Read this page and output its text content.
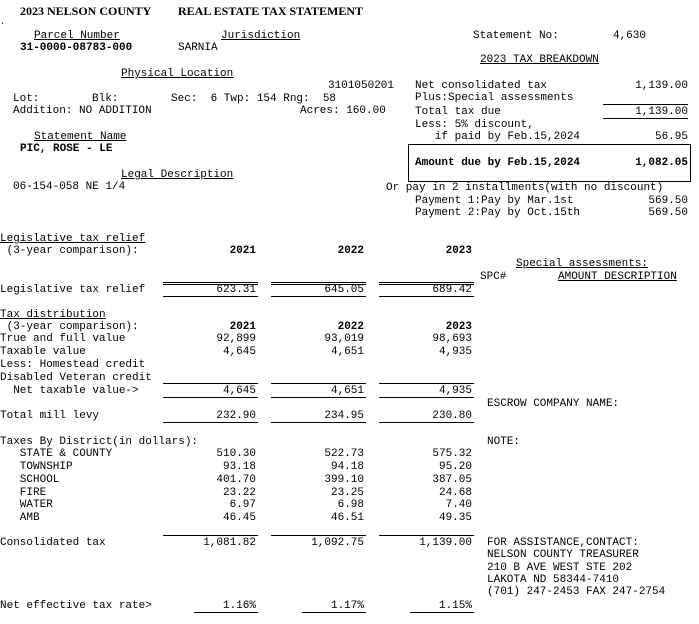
2023 NELSON COUNTY REAL ESTATE TAX STATEMENT
.
Parcel Number
31-0000-08783-000
Jurisdiction
SARNIA
Statement No:	4,630
Physical Location
3101050201
Lot:	Blk:	Sec:  6 Twp: 154 Rng:  58
Addition: NO ADDITION	Acres: 160.00
Statement Name
PIC, ROSE - LE
Legal Description
06-154-058 NE 1/4
2023 TAX BREAKDOWN
Net consolidated tax	1,139.00
Plus:Special assessments
Total tax due	1,139.00
Less: 5% discount,
if paid by Feb.15,2024	56.95
Amount due by Feb.15,2024	1,082.05
Or pay in 2 installments(with no discount)
Payment 1:Pay by Mar.1st	569.50
Payment 2:Pay by Oct.15th	569.50
Legislative tax relief
(3-year comparison):	2021	2022	2023
Legislative tax relief	623.31	645.05	689.42
Special assessments:
SPC#	AMOUNT DESCRIPTION
Tax distribution
(3-year comparison):	2021	2022	2023
True and full value	92,899	93,019	98,693
Taxable value	4,645	4,651	4,935
Less: Homestead credit
Disabled Veteran credit
Net taxable value->	4,645	4,651	4,935
Total mill levy	232.90	234.95	230.80
Taxes By District(in dollars):
STATE & COUNTY	510.30	522.73	575.32
TOWNSHIP	93.18	94.18	95.20
SCHOOL	401.70	399.10	387.05
FIRE	23.22	23.25	24.68
WATER	6.97	6.98	7.40
AMB	46.45	46.51	49.35
Consolidated tax	1,081.82	1,092.75	1,139.00
Net effective tax rate>	1.16%	1.17%	1.15%
ESCROW COMPANY NAME:
NOTE:
FOR ASSISTANCE,CONTACT:
NELSON COUNTY TREASURER
210 B AVE WEST STE 202
LAKOTA ND 58344-7410
(701) 247-2453 FAX 247-2754
